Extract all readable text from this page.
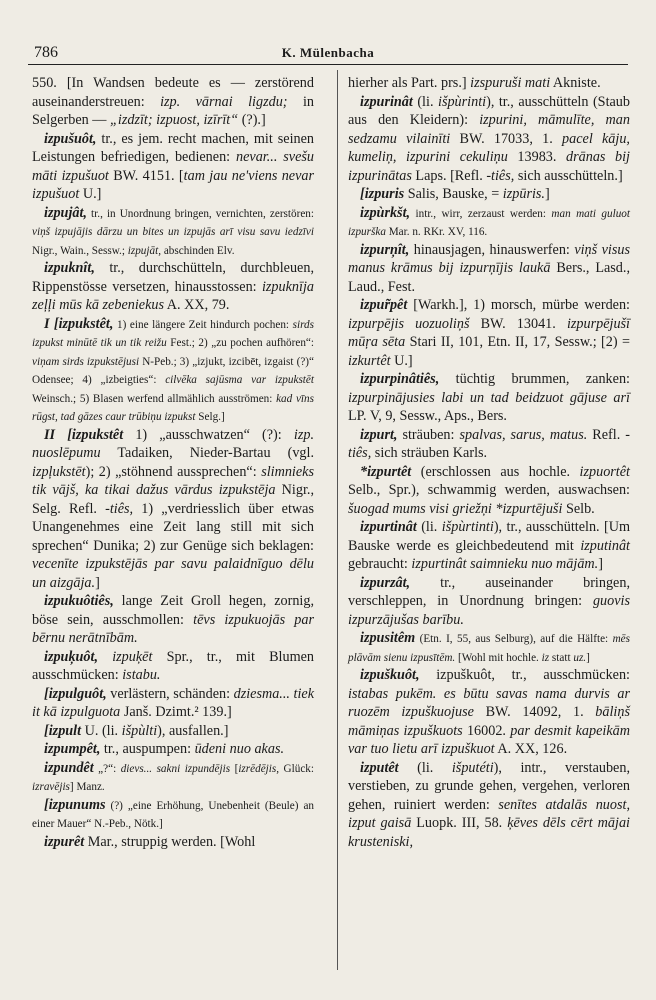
786	K. Mülenbacha

550. [In Wandsen bedeute es — zerstörend auseinanderstreuen: izp. vārnai ligzdu; in Selgerben — „izdzīt; izpuost, izīrīt“ (?).]

izpušuôt, tr., es jem. recht machen, mit seinen Leistungen befriedigen, bedienen: nevar... svešu māti izpušuot BW. 4151. [tam jau ne'viens nevar izpušuot U.]

izpujât, tr., in Unordnung bringen, vernichten, zerstören: viņš izpujājis dārzu un bites un izpujās arī visu savu iedzīvi Nigr., Wain., Sessw.; izpujāt, abschinden Elv.

izpuknît, tr., durchschütteln, durchbleuen, Rippenstösse versetzen, hinausstossen: izpuknīja zeļļi mūs kā zebeniekus A. XX, 79.

I [izpukstêt, 1) eine längere Zeit hindurch pochen: sirds izpukst minūtē tik un tik reižu Fest.; 2) „zu pochen aufhören“: viņam sirds izpukstējusi N-Peb.; 3) „izjukt, izcibēt, izgaist (?)“ Odensee; 4) „izbeigties“: cilvēka sajūsma var izpukstēt Weinsch.; 5) Blasen werfend allmählich ausströmen: kad vīns rūgst, tad gāzes caur trūbiņu izpukst Selg.]

II [izpukstêt 1) „ausschwatzen“ (?): izp. nuoslēpumu Tadaiken, Nieder-Bartau (vgl. izpļukstēt); 2) „stöhnend aussprechen“: slimnieks tik vājš, ka tikai dažus vārdus izpukstēja Nigr., Selg. Refl. -tiês, 1) „verdriesslich über etwas Unangenehmes eine Zeit lang still mit sich sprechen“ Dunika; 2) zur Genüge sich beklagen: vecenīte izpukstējās par savu palaidnīguo dēlu un aizgāja.]

izpukuôtiês, lange Zeit Groll hegen, zornig, böse sein, ausschmollen: tēvs izpukuojās par bērnu nerātnībām.

izpuķuôt, izpuķēt Spr., tr., mit Blumen ausschmücken: istabu.

[izpulguôt, verlästern, schänden: dziesma... tiek it kā izpulguota Janš. Dzimt.² 139.]

[izpult U. (li. išpùlti), ausfallen.]

izpumpêt, tr., auspumpen: ūdeni nuo akas.

izpundêt „?“: dievs... sakni izpundējis [izrēdējis, Glück: izravējis] Manz.

[izpunums (?) „eine Erhöhung, Unebenheit (Beule) an einer Mauer“ N.-Peb., Nötk.]

izpurêt Mar., struppig werden. [Wohl

hierher als Part. prs.] izspuruši mati Akniste.

izpurinât (li. išpùrinti), tr., ausschütteln (Staub aus den Kleidern): izpurini, māmulīte, man sedzamu vilainīti BW. 17033, 1. pacel kāju, kumeliņ, izpurini cekuliņu 13983. drānas bij izpurinātas Laps. [Refl. -tiês, sich ausschütteln.]

[izpuris Salis, Bauske, = izpūris.]

izpùrkšt, intr., wirr, zerzaust werden: man mati guluot izpurška Mar. n. RKr. XV, 116.

izpurņît, hinausjagen, hinauswerfen: viņš visus manus krāmus bij izpurņījis laukā Bers., Lasd., Laud., Fest.

izpur̃pêt [Warkh.], 1) morsch, mürbe werden: izpurpējis uozuoliņš BW. 13041. izpurpējušī mūŗa sēta Stari II, 101, Etn. II, 17, Sessw.; [2) = izkurtêt U.]

izpurpinâtiês, tüchtig brummen, zanken: izpurpinājusies labi un tad beidzuot gājuse arī LP. V, 9, Sessw., Aps., Bers.

izpurt, sträuben: spalvas, sarus, matus. Refl. -tiês, sich sträuben Karls.

*izpurtêt (erschlossen aus hochle. izpuortêt Selb., Spr.), schwammig werden, auswachsen: šuogad mums visi griežņi *izpurtējuši Selb.

izpurtinât (li. išpùrtinti), tr., ausschütteln. [Um Bauske werde es gleichbedeutend mit izputinât gebraucht: izpurtinât saimnieku nuo mājām.]

izpurzât, tr., auseinander bringen, verschleppen, in Unordnung bringen: guovis izpurzājušas barību.

izpusitêm (Etn. I, 55, aus Selburg), auf die Hälfte: mēs plāvām sienu izpusītēm. [Wohl mit hochle. iz statt uz.]

izpuškuôt, izpuškuôt, tr., ausschmücken: istabas pukēm. es būtu savas nama durvis ar ruozēm izpuškuojuse BW. 14092, 1. bāliņš māmiņas izpuškuots 16002. par desmit kapeikām var tuo lietu arī izpuškuot A. XX, 126.

izputêt (li. išputéti), intr., verstauben, verstieben, zu grunde gehen, vergehen, verloren gehen, ruiniert werden: senītes atdalās nuost, izput gaisā Luopk. III, 58. ķēves dēls cērt mājai krusteniski,
